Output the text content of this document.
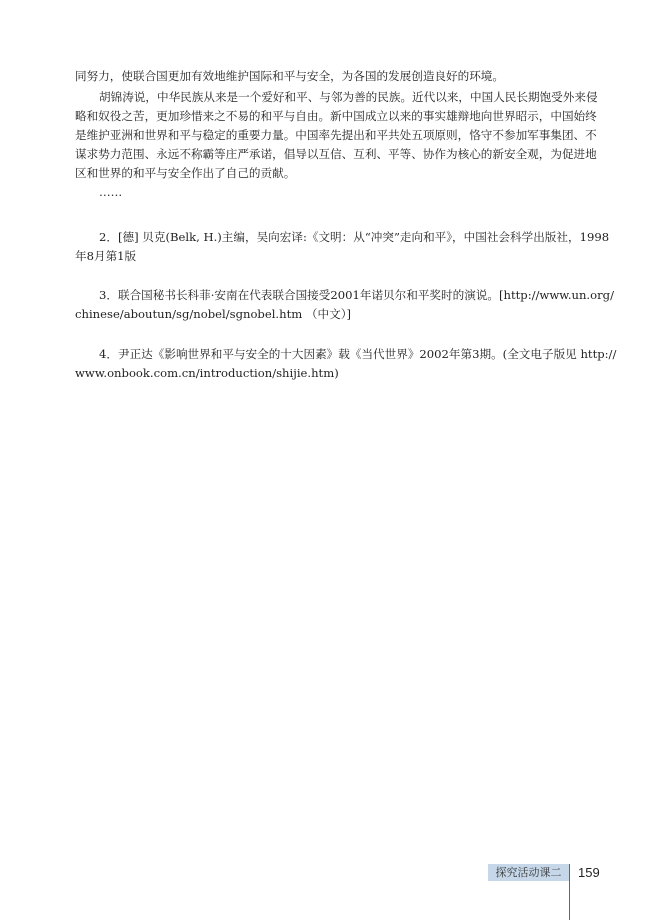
同努力，使联合国更加有效地维护国际和平与安全，为各国的发展创造良好的环境。
胡锦涛说，中华民族从来是一个爱好和平、与邻为善的民族。近代以来，中国人民长期饱受外来侵
略和奴役之苦，更加珍惜来之不易的和平与自由。新中国成立以来的事实雄辩地向世界昭示，中国始终
是维护亚洲和世界和平与稳定的重要力量。中国率先提出和平共处五项原则，恪守不参加军事集团、不
谋求势力范围、永远不称霸等庄严承诺，倡导以互信、互利、平等、协作为核心的新安全观，为促进地
区和世界的和平与安全作出了自己的贡献。
……
2．[德] 贝克(Belk, H.)主编，吴向宏译:《文明：从“冲突”走向和平》，中国社会科学出版社，1998
年8月第1版
3．联合国秘书长科菲·安南在代表联合国接受2001年诺贝尔和平奖时的演说。[http://www.un.org/
chinese/aboutun/sg/nobel/sgnobel.htm （中文）]
4．尹正达《影响世界和平与安全的十大因素》载《当代世界》2002年第3期。(全文电子版见 http://
www.onbook.com.cn/introduction/shijie.htm)
探究活动课二	159
